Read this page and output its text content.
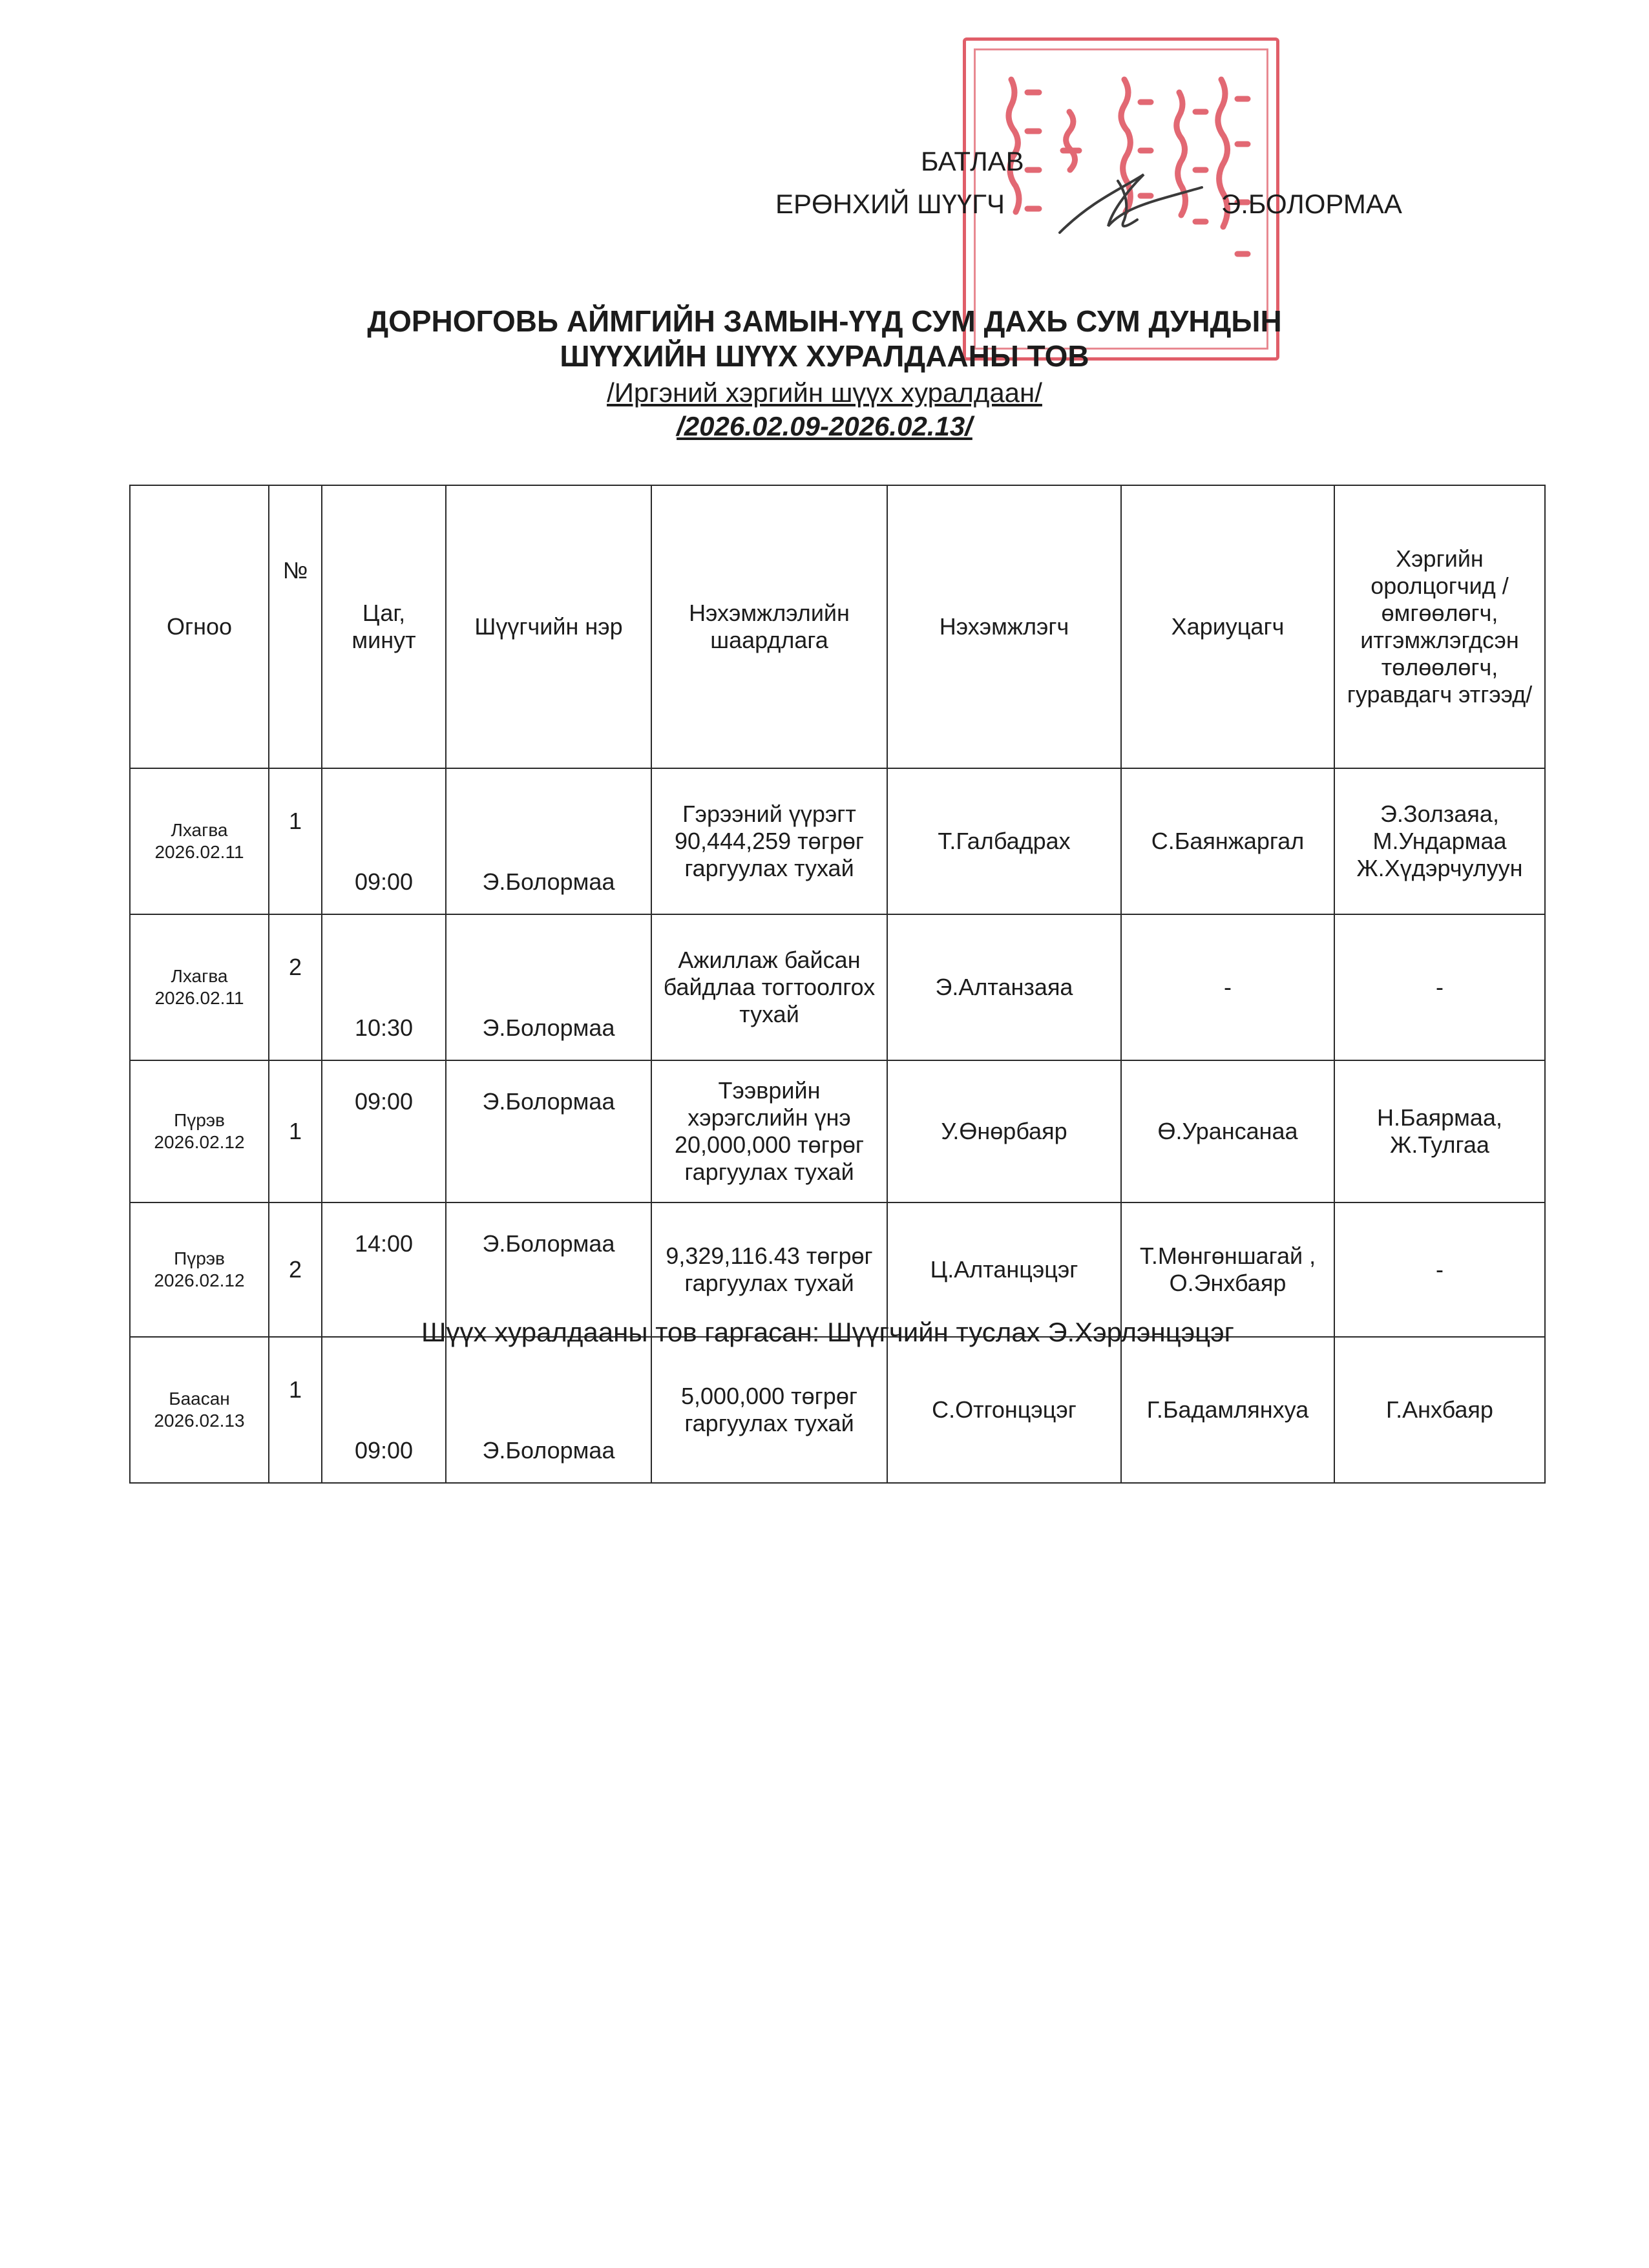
БАТЛАВ
ЕРӨНХИЙ ШҮҮГЧ	Э.БОЛОРМАА
ДОРНОГОВЬ АЙМГИЙН ЗАМЫН-ҮҮД СУМ ДАХЬ СУМ ДУНДЫН
ШҮҮХИЙН ШҮҮХ ХУРАЛДААНЫ ТОВ
/Иргэний хэргийн шүүх хуралдаан/
/2026.02.09-2026.02.13/
Огноо	№	Цаг, минут	Шүүгчийн нэр	Нэхэмжлэлийн шаардлага	Нэхэмжлэгч	Хариуцагч	Хэргийн оролцогчид /өмгөөлөгч, итгэмжлэгдсэн төлөөлөгч, гуравдагч этгээд/

Лхагва
2026.02.11	1	09:00	Э.Болормаа	Гэрээний үүрэгт 90,444,259 төгрөг гаргуулах тухай	Т.Галбадрах	С.Баянжаргал	Э.Золзаяа, М.Ундармаа Ж.Хүдэрчулуун

Лхагва
2026.02.11	2	10:30	Э.Болормаа	Ажиллаж байсан байдлаа тогтоолгох тухай	Э.Алтанзаяа	-	-

Пүрэв
2026.02.12	1	09:00	Э.Болормаа	Тээврийн хэрэгслийн үнэ 20,000,000 төгрөг гаргуулах тухай	У.Өнөрбаяр	Ө.Урансанаа	Н.Баярмаа, Ж.Тулгаа

Пүрэв
2026.02.12	2	14:00	Э.Болормаа	9,329,116.43 төгрөг гаргуулах тухай	Ц.Алтанцэцэг	Т.Мөнгөншагай , О.Энхбаяр	-

Баасан
2026.02.13	1	09:00	Э.Болормаа	5,000,000 төгрөг гаргуулах тухай	С.Отгонцэцэг	Г.Бадамлянхуа	Г.Анхбаяр
Шүүх хуралдааны тов гаргасан: Шүүгчийн туслах Э.Хэрлэнцэцэг
